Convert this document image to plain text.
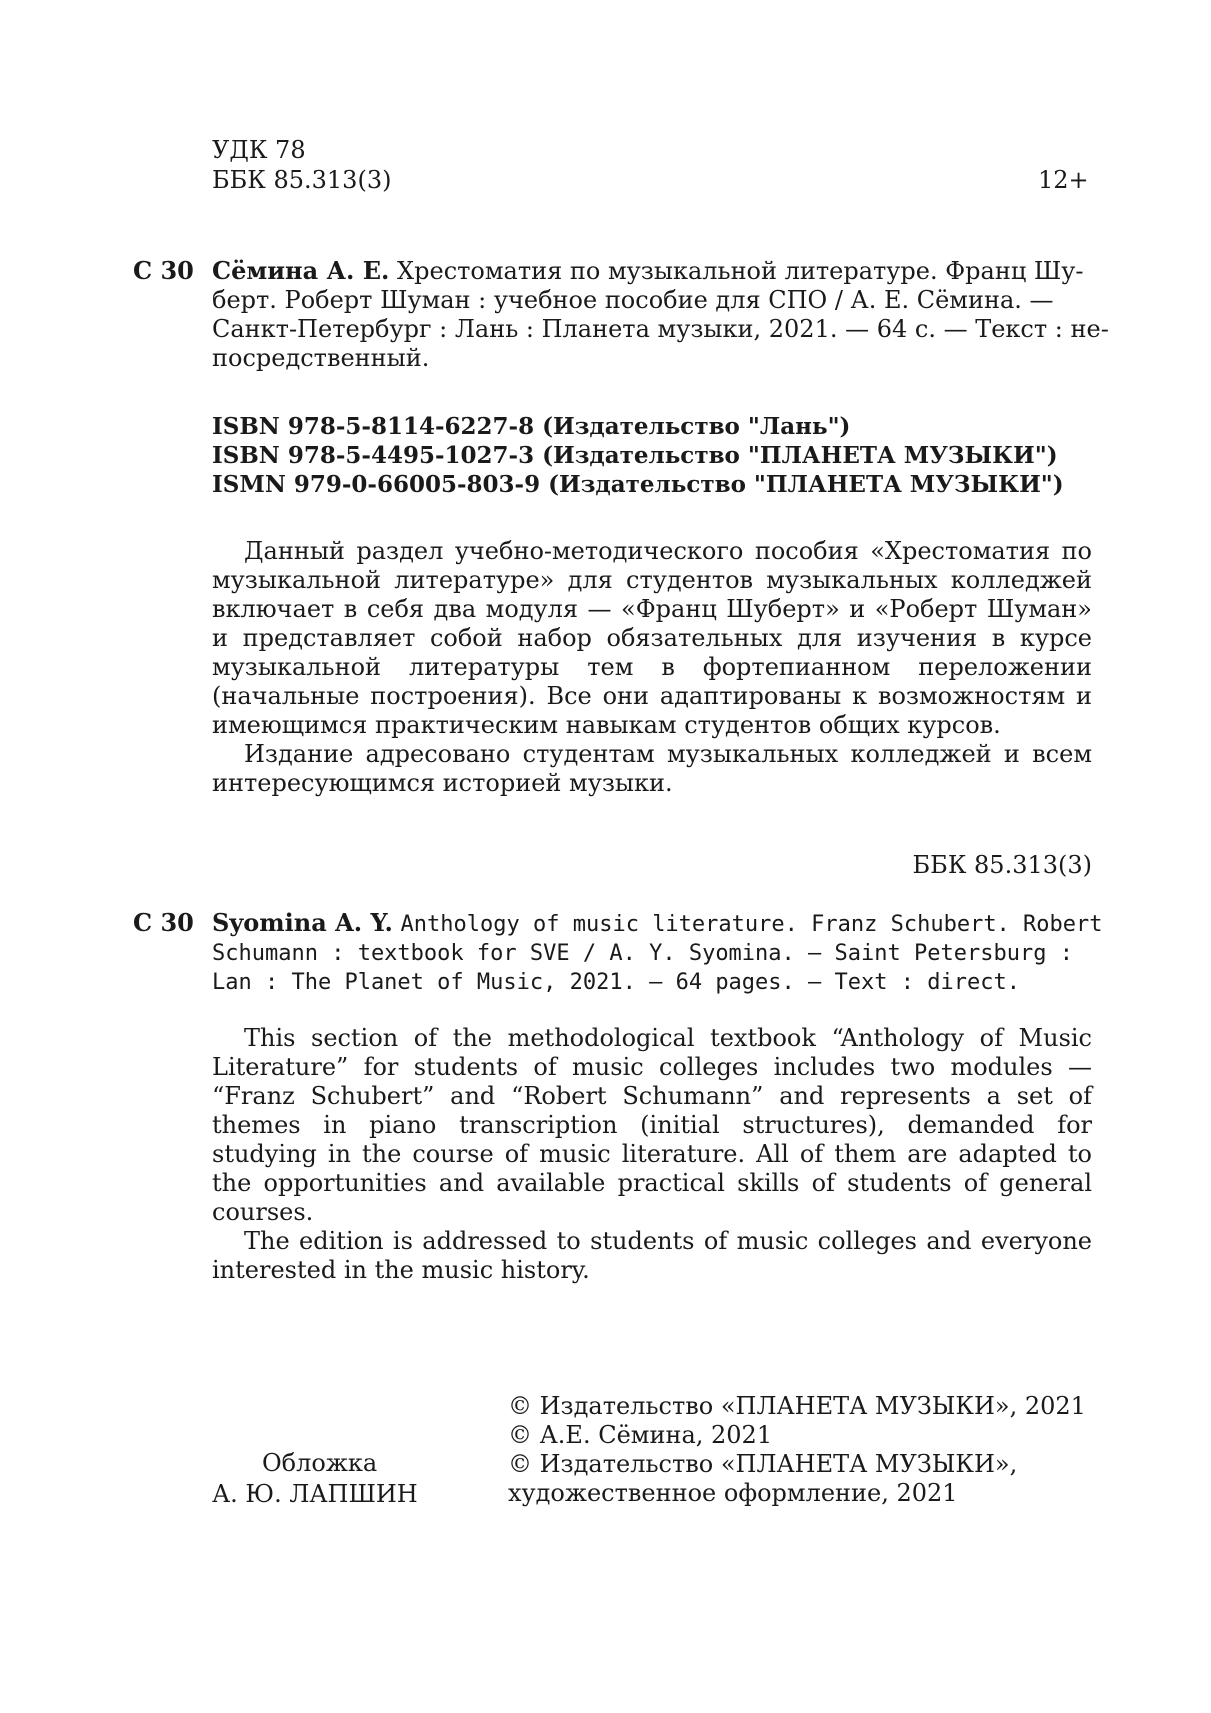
УДК 78
ББК 85.313(3)	12+
С 30 Сёмина А. Е. Хрестоматия по музыкальной литературе. Франц Шу-
берт. Роберт Шуман : учебное пособие для СПО / А. Е. Сёмина. —
Санкт-Петербург : Лань : Планета музыки, 2021. — 64 с. — Текст : не-
посредственный.
ISBN 978-5-8114-6227-8 (Издательство "Лань")
ISBN 978-5-4495-1027-3 (Издательство "ПЛАНЕТА МУЗЫКИ")
ISMN 979-0-66005-803-9 (Издательство "ПЛАНЕТА МУЗЫКИ")

Данный раздел учебно-методического пособия «Хрестоматия по музыкальной литературе» для студентов музыкальных колледжей включает в себя два модуля — «Франц Шуберт» и «Роберт Шуман» и представляет собой набор обязательных для изучения в курсе музыкальной литературы тем в фортепианном переложении (начальные построения). Все они адаптированы к возможностям и имеющимся практическим навыкам студентов общих курсов.

Издание адресовано студентам музыкальных колледжей и всем интересующимся историей музыки.

ББК 85.313(3)
С 30 Syomina A. Y. Anthology of music literature. Franz Schubert. Robert
Schumann : textbook for SVE / A. Y. Syomina. — Saint Petersburg :
Lan : The Planet of Music, 2021. — 64 pages. — Text : direct.

This section of the methodological textbook “Anthology of Music Literature” for students of music colleges includes two modules — “Franz Schubert” and “Robert Schumann” and represents a set of themes in piano transcription (initial structures), demanded for studying in the course of music literature. All of them are adapted to the opportunities and available practical skills of students of general courses.

The edition is addressed to students of music colleges and everyone interested in the music history.

Обложка
А. Ю. ЛАПШИН
© Издательство «ПЛАНЕТА МУЗЫКИ», 2021
© А.Е. Сёмина, 2021
© Издательство «ПЛАНЕТА МУЗЫКИ»,
художественное оформление, 2021
